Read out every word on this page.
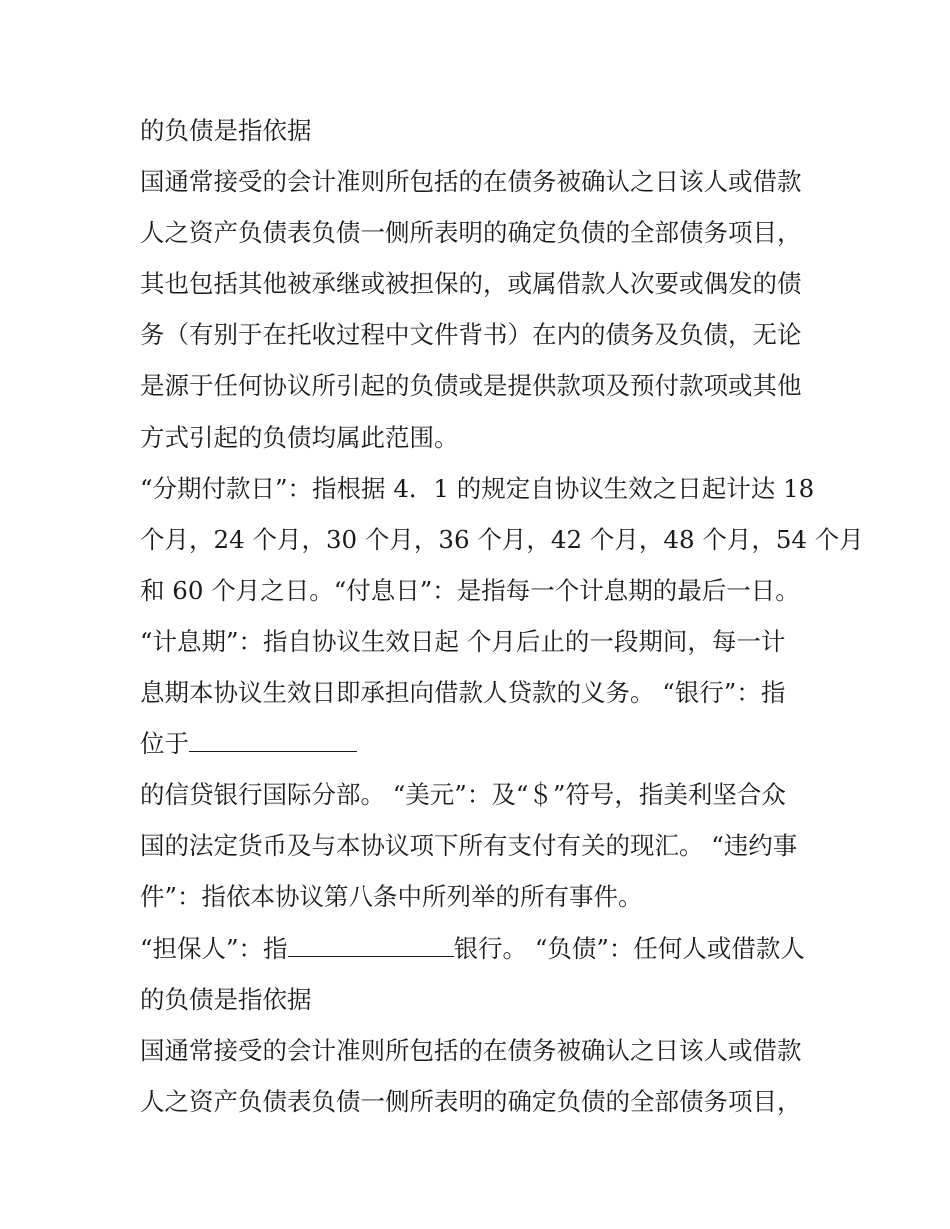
的负债是指依据
国通常接受的会计准则所包括的在债务被确认之日该人或借款
人之资产负债表负债一侧所表明的确定负债的全部债务项目，
其也包括其他被承继或被担保的，或属借款人次要或偶发的债
务（有别于在托收过程中文件背书）在内的债务及负债，无论
是源于任何协议所引起的负债或是提供款项及预付款项或其他
方式引起的负债均属此范围。
“分期付款日”：指根据 4．1 的规定自协议生效之日起计达 18
个月，24 个月，30 个月，36 个月，42 个月，48 个月，54 个月
和 60 个月之日。“付息日”：是指每一个计息期的最后一日。
“计息期”：指自协议生效日起 个月后止的一段期间，每一计
息期本协议生效日即承担向借款人贷款的义务。 “银行”：指
位于
的信贷银行国际分部。 “美元”：及“＄”符号，指美利坚合众
国的法定货币及与本协议项下所有支付有关的现汇。 “违约事
件”：指依本协议第八条中所列举的所有事件。
“担保人”：指	银行。 “负债”：任何人或借款人
的负债是指依据
国通常接受的会计准则所包括的在债务被确认之日该人或借款
人之资产负债表负债一侧所表明的确定负债的全部债务项目，
